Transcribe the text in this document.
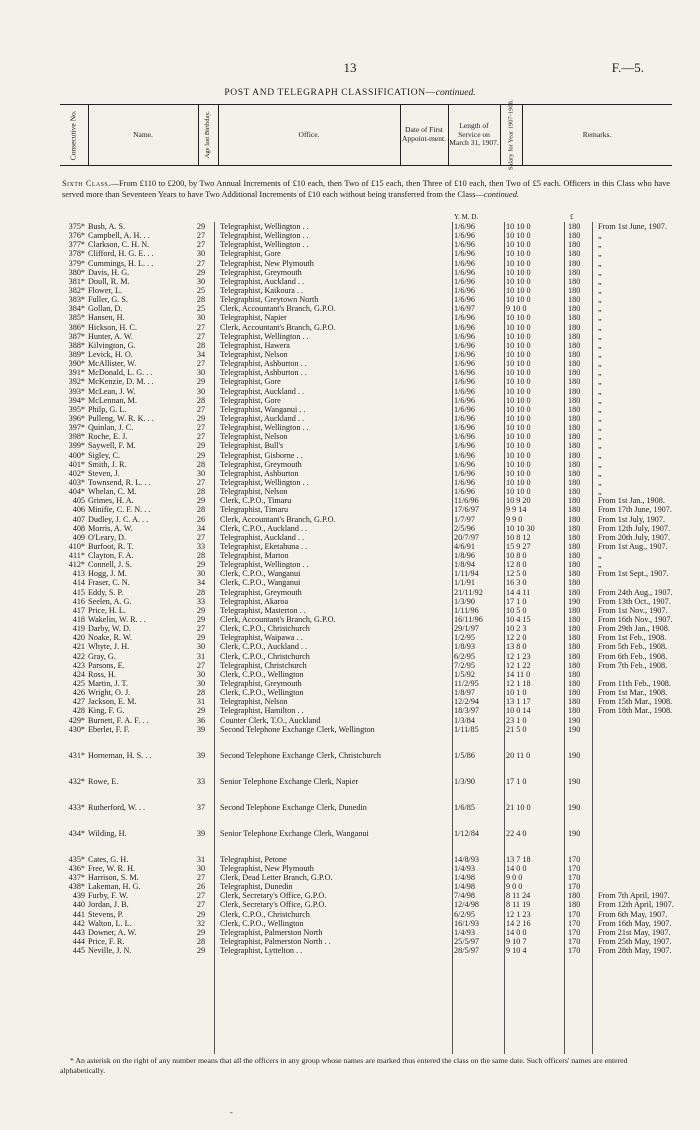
13	F.—5.
POST AND TELEGRAPH CLASSIFICATION—continued.
Consecutive No.	Name.	Age last Birthday.	Office.	Date of First Appoint-ment.
Length of Service on March 31, 1907.	Salary for Year 1907-1908.	Remarks.
Sixth Class.—From £110 to £200, by Two Annual Increments of £10 each, then Two of £15 each, then Three of £10 each, then Two of £5 each. Officers in this Class who have served more than Seventeen Years to have Two Additional Increments of £10 each without being transferred from the Class—continued.
Y. M. D.	£
375* Bush, A. S.	29	Telegraphist, Wellington . .	1/6/96	10 10 0	180	From 1st June, 1907.
376* Campbell, A. H. . .	27	Telegraphist, Wellington . .	1/6/96	10 10 0	180	„
377* Clarkson, C. H. N.	27	Telegraphist, Wellington . .	1/6/96	10 10 0	180	„
378* Clifford, H. G. E. . .	30	Telegraphist, Gore	1/6/96	10 10 0	180	„
379* Cummings, H. L. . .	27	Telegraphist, New Plymouth	1/6/96	10 10 0	180	„
380* Davis, H. G.	29	Telegraphist, Greymouth	1/6/96	10 10 0	180	„
381* Doull, R. M.	30	Telegraphist, Auckland . .	1/6/96	10 10 0	180	„
382* Flower, L.	25	Telegraphist, Kaikoura . .	1/6/96	10 10 0	180	„
383* Fuller, G. S.	28	Telegraphist, Greytown North	1/6/96	10 10 0	180	„
384* Gollan, D.	25	Clerk, Accountant's Branch, G.P.O.	1/6/97	9 10 0	180	„
385* Hansen, H.	30	Telegraphist, Napier	1/6/96	10 10 0	180	„
386* Hickson, H. C.	27	Clerk, Accountant's Branch, G.P.O.	1/6/96	10 10 0	180	„
387* Hunter, A. W.	27	Telegraphist, Wellington . .	1/6/96	10 10 0	180	„
388* Kilvington, G.	28	Telegraphist, Hawera	1/6/96	10 10 0	180	„
389* Levick, H. O.	34	Telegraphist, Nelson	1/6/96	10 10 0	180	„
390* McAllister, W.	27	Telegraphist, Ashburton . .	1/6/96	10 10 0	180	„
391* McDonald, L. G. . .	30	Telegraphist, Ashburton . .	1/6/96	10 10 0	180	„
392* McKenzie, D. M. . .	29	Telegraphist, Gore	1/6/96	10 10 0	180	„
393* McLean, J. W.	30	Telegraphist, Auckland . .	1/6/96	10 10 0	180	„
394* McLennan, M.	28	Telegraphist, Gore	1/6/96	10 10 0	180	„
395* Philp, G. L.	27	Telegraphist, Wanganui . .	1/6/96	10 10 0	180	„
396* Pulleng, W. R. K. . .	29	Telegraphist, Auckland . .	1/6/96	10 10 0	180	„
397* Quinlan, J. C.	27	Telegraphist, Wellington . .	1/6/96	10 10 0	180	„
398* Roche, E. J.	27	Telegraphist, Nelson	1/6/96	10 10 0	180	„
399* Saywell, F. M.	29	Telegraphist, Bull's	1/6/96	10 10 0	180	„
400* Sigley, C.	29	Telegraphist, Gisborne . .	1/6/96	10 10 0	180	„
401* Smith, J. R.	28	Telegraphist, Greymouth	1/6/96	10 10 0	180	„
402* Steven, J.	30	Telegraphist, Ashburton	1/6/96	10 10 0	180	„
403* Townsend, R. L. . .	27	Telegraphist, Wellington . .	1/6/96	10 10 0	180	„
404* Whelan, C. M.	28	Telegraphist, Nelson	1/6/96	10 10 0	180	„
405 Grimes, H. A.	29	Clerk, C.P.O., Timaru	11/6/96	10 9 20	180	From 1st Jan., 1908.
406 Minifie, C. F. N. . .	28	Telegraphist, Timaru	17/6/97	9 9 14	180	From 17th June, 1907.
407 Dudley, J. C. A. . .	26	Clerk, Accountant's Branch, G.P.O.	1/7/97	9 9 0	180	From 1st July, 1907.
408 Morris, A. W.	34	Clerk, C.P.O., Auckland . .	2/5/96	10 10 30	180	From 12th July, 1907.
409 O'Leary, D.	27	Telegraphist, Auckland . .	20/7/97	10 8 12	180	From 20th July, 1907.
410* Burfoot, R. T.	33	Telegraphist, Eketahuna . .	4/6/91	15 9 27	180	From 1st Aug., 1907.
411* Clayton, F. A.	28	Telegraphist, Marton	1/8/96	10 8 0	180	„
412* Connell, J. S.	29	Telegraphist, Wellington . .	1/8/94	12 8 0	180	„
413 Hogg, J. M.	30	Clerk, C.P.O., Wanganui	1/11/94	12 5 0	180	From 1st Sept., 1907.
414 Fraser, C. N.	34	Clerk, C.P.O., Wanganui	1/1/91	16 3 0	180
415 Eddy, S. P.	28	Telegraphist, Greymouth	21/11/92	14 4 11	180	From 24th Aug., 1907.
416 Seelen, A. G.	33	Telegraphist, Akaroa	1/3/90	17 1 0	190	From 13th Oct., 1907.
417 Price, H. L.	29	Telegraphist, Masterton . .	1/11/96	10 5 0	180	From 1st Nov., 1907.
418 Wakelin, W. R. . .	29	Clerk, Accountant's Branch, G.P.O.	16/11/96	10 4 15	180	From 16th Nov., 1907.
419 Darby, W. D.	27	Clerk, C.P.O., Christchurch	29/1/97	10 2 3	180	From 29th Jan., 1908.
420 Noake, R. W.	29	Telegraphist, Waipawa . .	1/2/95	12 2 0	180	From 1st Feb., 1908.
421 Whyte, J. H.	30	Clerk, C.P.O., Auckland . .	1/8/93	13 8 0	180	From 5th Feb., 1908.
422 Gray, G.	31	Clerk, C.P.O., Christchurch	6/2/95	12 1 23	180	From 6th Feb., 1908.
423 Parsons, E.	27	Telegraphist, Christchurch	7/2/95	12 1 22	180	From 7th Feb., 1908.
424 Ross, H.	30	Clerk, C.P.O., Wellington	1/5/92	14 11 0	180
425 Martin, J. T.	30	Telegraphist, Greymouth	11/2/95	12 1 18	180	From 11th Feb., 1908.
426 Wright, O. J.	28	Clerk, C.P.O., Wellington	1/8/97	10 1 0	180	From 1st Mar., 1908.
427 Jackson, E. M.	31	Telegraphist, Nelson	12/2/94	13 1 17	180	From 15th Mar., 1908.
428 King, F. G.	29	Telegraphist, Hamilton . .	18/3/97	10 0 14	180	From 18th Mar., 1908.
429* Burnett, F. A. F. . .	36	Counter Clerk, T.O., Auckland	1/3/84	23 1 0	190
430* Eberlet, F. F.	39	Second Telephone Exchange Clerk, Wellington	1/11/85	21 5 0	190
431* Horneman, H. S. . .	39	Second Telephone Exchange Clerk, Christchurch	1/5/86	20 11 0	190
432* Rowe, E.	33	Senior Telephone Exchange Clerk, Napier	1/3/90	17 1 0	190
433* Rutherford, W. . .	37	Second Telephone Exchange Clerk, Dunedin	1/6/85	21 10 0	190
434* Wilding, H.	39	Senior Telephone Exchange Clerk, Wanganui	1/12/84	22 4 0	190
435* Cates, G. H.	31	Telegraphist, Petone	14/8/93	13 7 18	170
436* Free, W. R. H.	30	Telegraphist, New Plymouth	1/4/93	14 0 0	170
437* Harrison, S. M.	27	Clerk, Dead Letter Branch, G.P.O.	1/4/98	9 0 0	170
438* Lakeman, H. G.	26	Telegraphist, Dunedin	1/4/98	9 0 0	170
439 Furby, F. W.	27	Clerk, Secretary's Office, G.P.O.	7/4/98	8 11 24	180	From 7th April, 1907.
440 Jordan, J. B.	27	Clerk, Secretary's Office, G.P.O.	12/4/98	8 11 19	180	From 12th April, 1907.
441 Stevens, P.	29	Clerk, C.P.O., Christchurch	6/2/95	12 1 23	170	From 6th May, 1907.
442 Walton, L. L.	32	Clerk, C.P.O., Wellington	16/1/93	14 2 16	170	From 16th May, 1907.
443 Downer, A. W.	29	Telegraphist, Palmerston North	1/4/93	14 0 0	170	From 21st May, 1907.
444 Price, F. R.	28	Telegraphist, Palmerston North . .	25/5/97	9 10 7	170	From 25th May, 1907.
445 Neville, J. N.	29	Telegraphist, Lyttelton . .	28/5/97	9 10 4	170	From 28th May, 1907.
* An asterisk on the right of any number means that all the officers in any group whose names are marked thus entered the class on the same date. Such officers' names are entered alphabetically.
-
